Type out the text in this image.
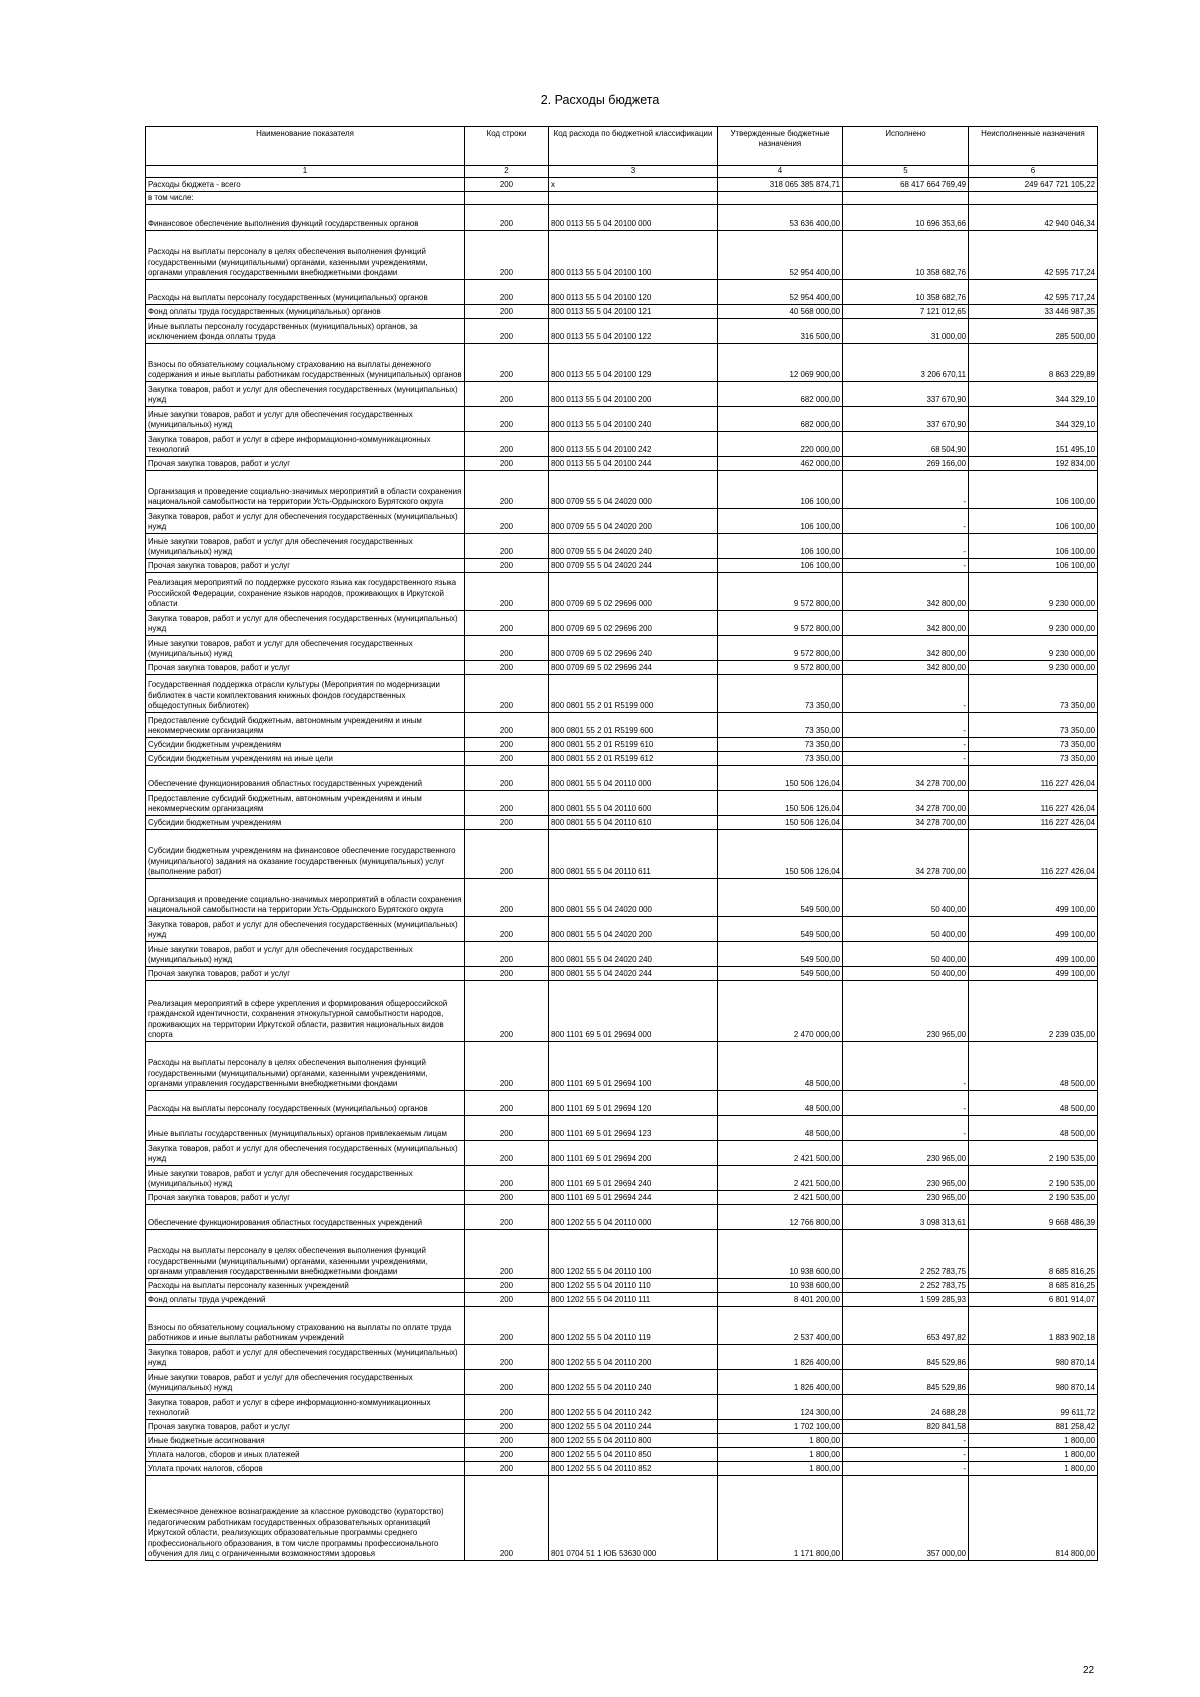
2. Расходы бюджета
Наименование показателя	Код строки	Код расхода по бюджетной классификации	Утвержденные бюджетные назначения	Исполнено	Неисполненные назначения
1	2	3	4	5	6
Расходы бюджета - всего	200	x	318 065 385 874,71	68 417 664 769,49	249 647 721 105,22
в том числе:					
Финансовое обеспечение выполнения функций государственных органов	200	800 0113 55 5 04 20100 000	53 636 400,00	10 696 353,66	42 940 046,34
Расходы на выплаты персоналу в целях обеспечения выполнения функций государственными (муниципальными) органами, казенными учреждениями, органами управления государственными внебюджетными фондами	200	800 0113 55 5 04 20100 100	52 954 400,00	10 358 682,76	42 595 717,24
Расходы на выплаты персоналу государственных (муниципальных) органов	200	800 0113 55 5 04 20100 120	52 954 400,00	10 358 682,76	42 595 717,24
Фонд оплаты труда государственных (муниципальных) органов	200	800 0113 55 5 04 20100 121	40 568 000,00	7 121 012,65	33 446 987,35
Иные выплаты персоналу государственных (муниципальных) органов, за исключением фонда оплаты труда	200	800 0113 55 5 04 20100 122	316 500,00	31 000,00	285 500,00
Взносы по обязательному социальному страхованию на выплаты денежного содержания и иные выплаты работникам государственных (муниципальных) органов	200	800 0113 55 5 04 20100 129	12 069 900,00	3 206 670,11	8 863 229,89
Закупка товаров, работ и услуг для обеспечения государственных (муниципальных) нужд	200	800 0113 55 5 04 20100 200	682 000,00	337 670,90	344 329,10
Иные закупки товаров, работ и услуг для обеспечения государственных (муниципальных) нужд	200	800 0113 55 5 04 20100 240	682 000,00	337 670,90	344 329,10
Закупка товаров, работ и услуг в сфере информационно-коммуникационных технологий	200	800 0113 55 5 04 20100 242	220 000,00	68 504,90	151 495,10
Прочая закупка товаров, работ и услуг	200	800 0113 55 5 04 20100 244	462 000,00	269 166,00	192 834,00
Организация и проведение социально-значимых мероприятий в области сохранения национальной самобытности на территории Усть-Ордынского Бурятского округа	200	800 0709 55 5 04 24020 000	106 100,00	-	106 100,00
Закупка товаров, работ и услуг для обеспечения государственных (муниципальных) нужд	200	800 0709 55 5 04 24020 200	106 100,00	-	106 100,00
Иные закупки товаров, работ и услуг для обеспечения государственных (муниципальных) нужд	200	800 0709 55 5 04 24020 240	106 100,00	-	106 100,00
Прочая закупка товаров, работ и услуг	200	800 0709 55 5 04 24020 244	106 100,00	-	106 100,00
Реализация мероприятий по поддержке русского языка как государственного языка Российской Федерации, сохранение языков народов, проживающих в Иркутской области	200	800 0709 69 5 02 29696 000	9 572 800,00	342 800,00	9 230 000,00
Закупка товаров, работ и услуг для обеспечения государственных (муниципальных) нужд	200	800 0709 69 5 02 29696 200	9 572 800,00	342 800,00	9 230 000,00
Иные закупки товаров, работ и услуг для обеспечения государственных (муниципальных) нужд	200	800 0709 69 5 02 29696 240	9 572 800,00	342 800,00	9 230 000,00
Прочая закупка товаров, работ и услуг	200	800 0709 69 5 02 29696 244	9 572 800,00	342 800,00	9 230 000,00
Государственная поддержка отрасли культуры (Мероприятия по модернизации библиотек в части комплектования книжных фондов государственных общедоступных библиотек)	200	800 0801 55 2 01 R5199 000	73 350,00	-	73 350,00
Предоставление субсидий бюджетным, автономным учреждениям и иным некоммерческим организациям	200	800 0801 55 2 01 R5199 600	73 350,00	-	73 350,00
Субсидии бюджетным учреждениям	200	800 0801 55 2 01 R5199 610	73 350,00	-	73 350,00
Субсидии бюджетным учреждениям на иные цели	200	800 0801 55 2 01 R5199 612	73 350,00	-	73 350,00
Обеспечение функционирования областных государственных учреждений	200	800 0801 55 5 04 20110 000	150 506 126,04	34 278 700,00	116 227 426,04
Предоставление субсидий бюджетным, автономным учреждениям и иным некоммерческим организациям	200	800 0801 55 5 04 20110 600	150 506 126,04	34 278 700,00	116 227 426,04
Субсидии бюджетным учреждениям	200	800 0801 55 5 04 20110 610	150 506 126,04	34 278 700,00	116 227 426,04
Субсидии бюджетным учреждениям на финансовое обеспечение государственного (муниципального) задания на оказание государственных (муниципальных) услуг (выполнение работ)	200	800 0801 55 5 04 20110 611	150 506 126,04	34 278 700,00	116 227 426,04
Организация и проведение социально-значимых мероприятий в области сохранения национальной самобытности на территории Усть-Ордынского Бурятского округа	200	800 0801 55 5 04 24020 000	549 500,00	50 400,00	499 100,00
Закупка товаров, работ и услуг для обеспечения государственных (муниципальных) нужд	200	800 0801 55 5 04 24020 200	549 500,00	50 400,00	499 100,00
Иные закупки товаров, работ и услуг для обеспечения государственных (муниципальных) нужд	200	800 0801 55 5 04 24020 240	549 500,00	50 400,00	499 100,00
Прочая закупка товаров, работ и услуг	200	800 0801 55 5 04 24020 244	549 500,00	50 400,00	499 100,00
Реализация мероприятий в сфере укрепления и формирования общероссийской гражданской идентичности, сохранения этнокультурной самобытности народов, проживающих на территории Иркутской области, развития национальных видов спорта	200	800 1101 69 5 01 29694 000	2 470 000,00	230 965,00	2 239 035,00
Расходы на выплаты персоналу в целях обеспечения выполнения функций государственными (муниципальными) органами, казенными учреждениями, органами управления государственными внебюджетными фондами	200	800 1101 69 5 01 29694 100	48 500,00	-	48 500,00
Расходы на выплаты персоналу государственных (муниципальных) органов	200	800 1101 69 5 01 29694 120	48 500,00	-	48 500,00
Иные выплаты государственных (муниципальных) органов привлекаемым лицам	200	800 1101 69 5 01 29694 123	48 500,00	-	48 500,00
Закупка товаров, работ и услуг для обеспечения государственных (муниципальных) нужд	200	800 1101 69 5 01 29694 200	2 421 500,00	230 965,00	2 190 535,00
Иные закупки товаров, работ и услуг для обеспечения государственных (муниципальных) нужд	200	800 1101 69 5 01 29694 240	2 421 500,00	230 965,00	2 190 535,00
Прочая закупка товаров, работ и услуг	200	800 1101 69 5 01 29694 244	2 421 500,00	230 965,00	2 190 535,00
Обеспечение функционирования областных государственных учреждений	200	800 1202 55 5 04 20110 000	12 766 800,00	3 098 313,61	9 668 486,39
Расходы на выплаты персоналу в целях обеспечения выполнения функций государственными (муниципальными) органами, казенными учреждениями, органами управления государственными внебюджетными фондами	200	800 1202 55 5 04 20110 100	10 938 600,00	2 252 783,75	8 685 816,25
Расходы на выплаты персоналу казенных учреждений	200	800 1202 55 5 04 20110 110	10 938 600,00	2 252 783,75	8 685 816,25
Фонд оплаты труда учреждений	200	800 1202 55 5 04 20110 111	8 401 200,00	1 599 285,93	6 801 914,07
Взносы по обязательному социальному страхованию на выплаты по оплате труда работников и иные выплаты работникам учреждений	200	800 1202 55 5 04 20110 119	2 537 400,00	653 497,82	1 883 902,18
Закупка товаров, работ и услуг для обеспечения государственных (муниципальных) нужд	200	800 1202 55 5 04 20110 200	1 826 400,00	845 529,86	980 870,14
Иные закупки товаров, работ и услуг для обеспечения государственных (муниципальных) нужд	200	800 1202 55 5 04 20110 240	1 826 400,00	845 529,86	980 870,14
Закупка товаров, работ и услуг в сфере информационно-коммуникационных технологий	200	800 1202 55 5 04 20110 242	124 300,00	24 688,28	99 611,72
Прочая закупка товаров, работ и услуг	200	800 1202 55 5 04 20110 244	1 702 100,00	820 841,58	881 258,42
Иные бюджетные ассигнования	200	800 1202 55 5 04 20110 800	1 800,00	-	1 800,00
Уплата налогов, сборов и иных платежей	200	800 1202 55 5 04 20110 850	1 800,00	-	1 800,00
Уплата прочих налогов, сборов	200	800 1202 55 5 04 20110 852	1 800,00	-	1 800,00
Ежемесячное денежное вознаграждение за классное руководство (кураторство) педагогическим работникам государственных образовательных организаций Иркутской области, реализующих образовательные программы среднего профессионального образования, в том числе программы профессионального обучения для лиц с ограниченными возможностями здоровья	200	801 0704 51 1 ЮБ 53630 000	1 171 800,00	357 000,00	814 800,00
22
